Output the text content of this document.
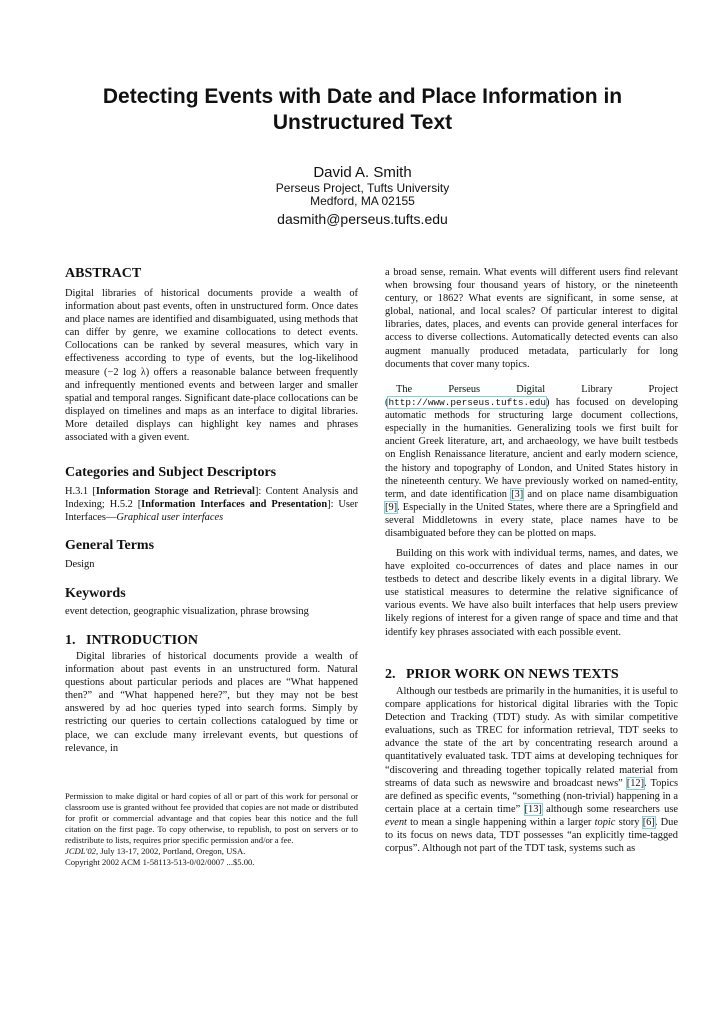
Detecting Events with Date and Place Information in Unstructured Text
David A. Smith
Perseus Project, Tufts University
Medford, MA 02155
dasmith@perseus.tufts.edu
ABSTRACT

Digital libraries of historical documents provide a wealth of information about past events, often in unstructured form. Once dates and place names are identified and disambiguated, using methods that can differ by genre, we examine collocations to detect events. Collocations can be ranked by several measures, which vary in effectiveness according to type of events, but the log-likelihood measure (−2 log λ) offers a reasonable balance between frequently and infrequently mentioned events and between larger and smaller spatial and temporal ranges. Significant date-place collocations can be displayed on timelines and maps as an interface to digital libraries. More detailed displays can highlight key names and phrases associated with a given event.

Categories and Subject Descriptors

H.3.1 [Information Storage and Retrieval]: Content Analysis and Indexing; H.5.2 [Information Interfaces and Presentation]: User Interfaces—Graphical user interfaces

General Terms

Design

Keywords

event detection, geographic visualization, phrase browsing

1.   INTRODUCTION

Digital libraries of historical documents provide a wealth of information about past events in an unstructured form. Natural questions about particular periods and places are “What happened then?” and “What happened here?”, but they may not be best answered by ad hoc queries typed into search forms. Simply by restricting our queries to certain collections catalogued by time or place, we can exclude many irrelevant events, but questions of relevance, in

Permission to make digital or hard copies of all or part of this work for personal or classroom use is granted without fee provided that copies are not made or distributed for profit or commercial advantage and that copies bear this notice and the full citation on the first page. To copy otherwise, to republish, to post on servers or to redistribute to lists, requires prior specific permission and/or a fee.
JCDL'02, July 13-17, 2002, Portland, Oregon, USA.
Copyright 2002 ACM 1-58113-513-0/02/0007 ...$5.00.

a broad sense, remain. What events will different users find relevant when browsing four thousand years of history, or the nineteenth century, or 1862? What events are significant, in some sense, at global, national, and local scales? Of particular interest to digital libraries, dates, places, and events can provide general interfaces for access to diverse collections. Automatically detected events can also augment manually produced metadata, particularly for long documents that cover many topics.

The Perseus Digital Library Project (http://www.perseus.tufts.edu) has focused on developing automatic methods for structuring large document collections, especially in the humanities. Generalizing tools we first built for ancient Greek literature, art, and archaeology, we have built testbeds on English Renaissance literature, ancient and early modern science, the history and topography of London, and United States history in the nineteenth century. We have previously worked on named-entity, term, and date identification [3] and on place name disambiguation [9]. Especially in the United States, where there are a Springfield and several Middletowns in every state, place names have to be disambiguated before they can be plotted on maps.

Building on this work with individual terms, names, and dates, we have exploited co-occurrences of dates and place names in our testbeds to detect and describe likely events in a digital library. We use statistical measures to determine the relative significance of various events. We have also built interfaces that help users preview likely regions of interest for a given range of space and time and that identify key phrases associated with each possible event.

2.   PRIOR WORK ON NEWS TEXTS

Although our testbeds are primarily in the humanities, it is useful to compare applications for historical digital libraries with the Topic Detection and Tracking (TDT) study. As with similar competitive evaluations, such as TREC for information retrieval, TDT seeks to advance the state of the art by concentrating research around a quantitatively evaluated task. TDT aims at developing techniques for “discovering and threading together topically related material from streams of data such as newswire and broadcast news” [12]. Topics are defined as specific events, “something (non-trivial) happening in a certain place at a certain time” [13] although some researchers use event to mean a single happening within a larger topic story [6]. Due to its focus on news data, TDT possesses “an explicitly time-tagged corpus”. Although not part of the TDT task, systems such as
